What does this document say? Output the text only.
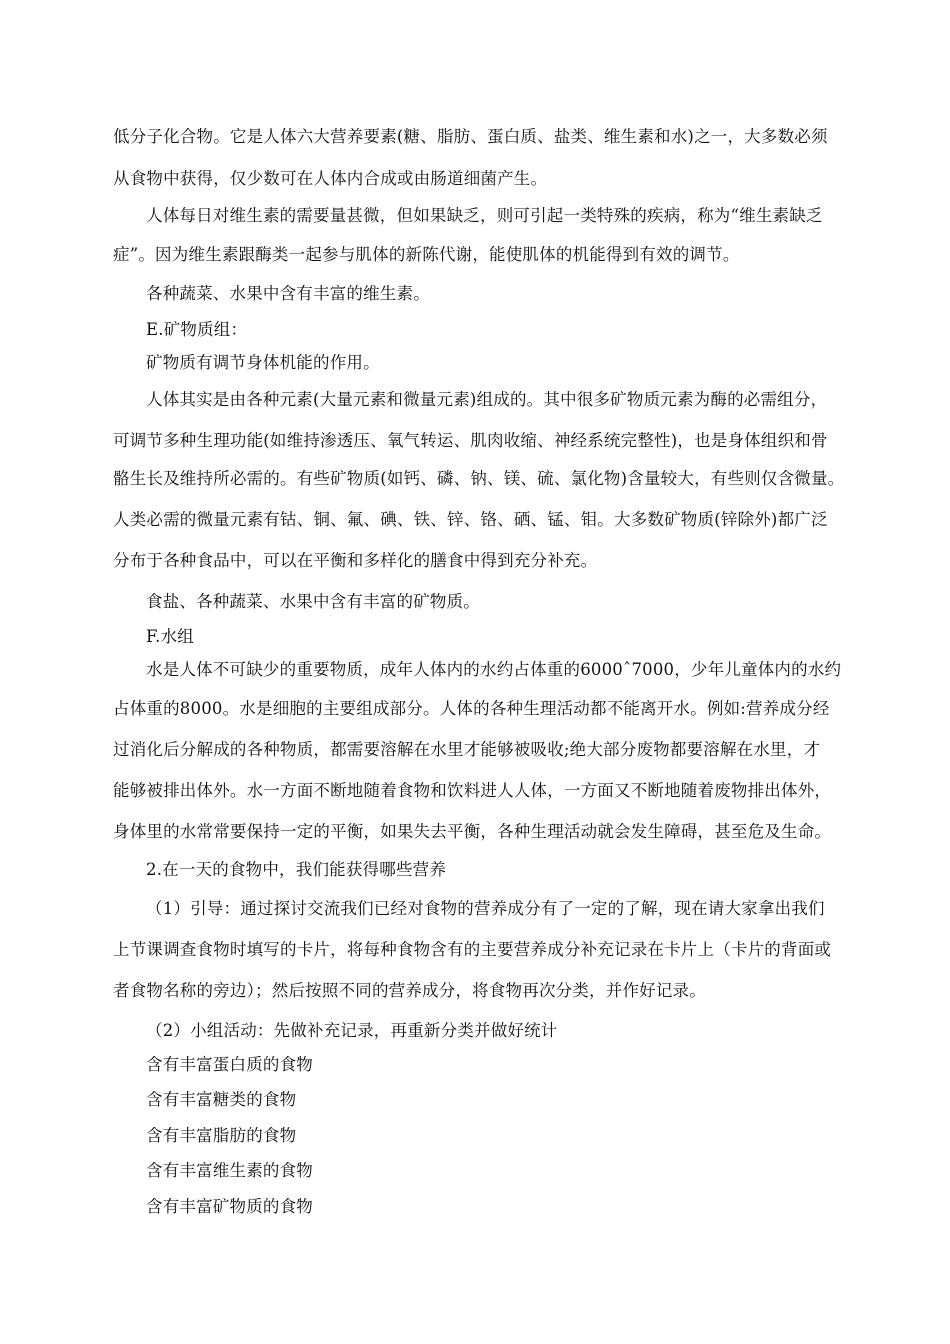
低分子化合物。它是人体六大营养要素(糖、脂肪、蛋白质、盐类、维生素和水)之一，大多数必须
从食物中获得，仅少数可在人体内合成或由肠道细菌产生。
人体每日对维生素的需要量甚微，但如果缺乏，则可引起一类特殊的疾病，称为“维生素缺乏
症”。因为维生素跟酶类一起参与肌体的新陈代谢，能使肌体的机能得到有效的调节。
各种蔬菜、水果中含有丰富的维生素。
E.矿物质组：
矿物质有调节身体机能的作用。
人体其实是由各种元素(大量元素和微量元素)组成的。其中很多矿物质元素为酶的必需组分，
可调节多种生理功能(如维持渗透压、氧气转运、肌肉收缩、神经系统完整性)，也是身体组织和骨
骼生长及维持所必需的。有些矿物质(如钙、磷、钠、镁、硫、氯化物)含量较大，有些则仅含微量。
人类必需的微量元素有钴、铜、氟、碘、铁、锌、铬、硒、锰、钼。大多数矿物质(锌除外)都广泛
分布于各种食品中，可以在平衡和多样化的膳食中得到充分补充。
食盐、各种蔬菜、水果中含有丰富的矿物质。
F.水组
水是人体不可缺少的重要物质，成年人体内的水约占体重的6000ˆ7000，少年儿童体内的水约
占体重的8000。水是细胞的主要组成部分。人体的各种生理活动都不能离开水。例如:营养成分经
过消化后分解成的各种物质，都需要溶解在水里才能够被吸收;绝大部分废物都要溶解在水里，才
能够被排出体外。水一方面不断地随着食物和饮料进人人体，一方面又不断地随着废物排出体外，
身体里的水常常要保持一定的平衡，如果失去平衡，各种生理活动就会发生障碍，甚至危及生命。
2.在一天的食物中，我们能获得哪些营养
（1）引导：通过探讨交流我们已经对食物的营养成分有了一定的了解，现在请大家拿出我们
上节课调查食物时填写的卡片，将每种食物含有的主要营养成分补充记录在卡片上（卡片的背面或
者食物名称的旁边）；然后按照不同的营养成分，将食物再次分类，并作好记录。
（2）小组活动：先做补充记录，再重新分类并做好统计
含有丰富蛋白质的食物
含有丰富糖类的食物
含有丰富脂肪的食物
含有丰富维生素的食物
含有丰富矿物质的食物
